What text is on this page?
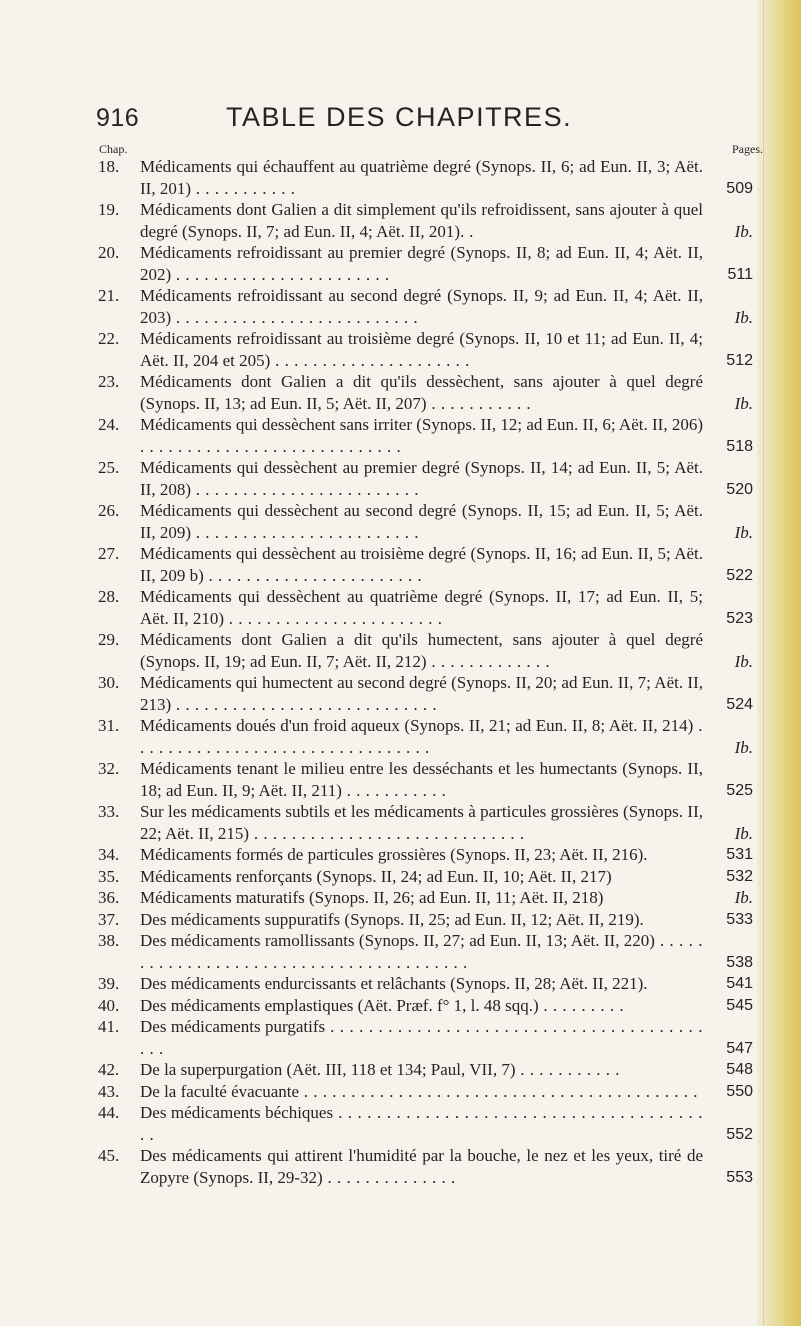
916	TABLE DES CHAPITRES.
Chap.	Pages.
18. Médicaments qui échauffent au quatrième degré (Synops. II, 6; ad Eun. II, 3; Aët. II, 201) . . . . . . . . . . .	509
19. Médicaments dont Galien a dit simplement qu'ils refroidissent, sans ajouter à quel degré (Synops. II, 7; ad Eun. II, 4; Aët. II, 201). .	Ib.
20. Médicaments refroidissant au premier degré (Synops. II, 8; ad Eun. II, 4; Aët. II, 202) . . . . . . . . . . . . . . . . . . . . . . .	511
21. Médicaments refroidissant au second degré (Synops. II, 9; ad Eun. II, 4; Aët. II, 203) . . . . . . . . . . . . . . . . . . . . . . . . . .	Ib.
22. Médicaments refroidissant au troisième degré (Synops. II, 10 et 11; ad Eun. II, 4; Aët. II, 204 et 205) . . . . . . . . . . . . . . . . . . . . .	512
23. Médicaments dont Galien a dit qu'ils dessèchent, sans ajouter à quel degré (Synops. II, 13; ad Eun. II, 5; Aët. II, 207) . . . . . . . . . . .	Ib.
24. Médicaments qui dessèchent sans irriter (Synops. II, 12; ad Eun. II, 6; Aët. II, 206) . . . . . . . . . . . . . . . . . . . . . . . . . . . .	518
25. Médicaments qui dessèchent au premier degré (Synops. II, 14; ad Eun. II, 5; Aët. II, 208) . . . . . . . . . . . . . . . . . . . . . . . .	520
26. Médicaments qui dessèchent au second degré (Synops. II, 15; ad Eun. II, 5; Aët. II, 209) . . . . . . . . . . . . . . . . . . . . . . . .	Ib.
27. Médicaments qui dessèchent au troisième degré (Synops. II, 16; ad Eun. II, 5; Aët. II, 209 b) . . . . . . . . . . . . . . . . . . . . . . .	522
28. Médicaments qui dessèchent au quatrième degré (Synops. II, 17; ad Eun. II, 5; Aët. II, 210) . . . . . . . . . . . . . . . . . . . . . . .	523
29. Médicaments dont Galien a dit qu'ils humectent, sans ajouter à quel degré (Synops. II, 19; ad Eun. II, 7; Aët. II, 212) . . . . . . . . . . . . .	Ib.
30. Médicaments qui humectent au second degré (Synops. II, 20; ad Eun. II, 7; Aët. II, 213) . . . . . . . . . . . . . . . . . . . . . . . . . . . .	524
31. Médicaments doués d'un froid aqueux (Synops. II, 21; ad Eun. II, 8; Aët. II, 214) . . . . . . . . . . . . . . . . . . . . . . . . . . . . . . . .	Ib.
32. Médicaments tenant le milieu entre les desséchants et les humectants (Synops. II, 18; ad Eun. II, 9; Aët. II, 211) . . . . . . . . . . .	525
33. Sur les médicaments subtils et les médicaments à particules grossières (Synops. II, 22; Aët. II, 215) . . . . . . . . . . . . . . . . . . . . . . . . . . . . .	Ib.
34. Médicaments formés de particules grossières (Synops. II, 23; Aët. II, 216).	531
35. Médicaments renforçants (Synops. II, 24; ad Eun. II, 10; Aët. II, 217)	532
36. Médicaments maturatifs (Synops. II, 26; ad Eun. II, 11; Aët. II, 218)	Ib.
37. Des médicaments suppuratifs (Synops. II, 25; ad Eun. II, 12; Aët. II, 219).	533
38. Des médicaments ramollissants (Synops. II, 27; ad Eun. II, 13; Aët. II, 220) . . . . . . . . . . . . . . . . . . . . . . . . . . . . . . . . . . . . . . . .	538
39. Des médicaments endurcissants et relâchants (Synops. II, 28; Aët. II, 221).	541
40. Des médicaments emplastiques (Aët. Præf. f° 1, l. 48 sqq.) . . . . . . . . .	545
41. Des médicaments purgatifs . . . . . . . . . . . . . . . . . . . . . . . . . . . . . . . . . . . . . . . . . .	547
42. De la superpurgation (Aët. III, 118 et 134; Paul, VII, 7) . . . . . . . . . . .	548
43. De la faculté évacuante . . . . . . . . . . . . . . . . . . . . . . . . . . . . . . . . . . . . . . . . . .	550
44. Des médicaments béchiques . . . . . . . . . . . . . . . . . . . . . . . . . . . . . . . . . . . . . . . .	552
45. Des médicaments qui attirent l'humidité par la bouche, le nez et les yeux, tiré de Zopyre (Synops. II, 29-32) . . . . . . . . . . . . . .	553
